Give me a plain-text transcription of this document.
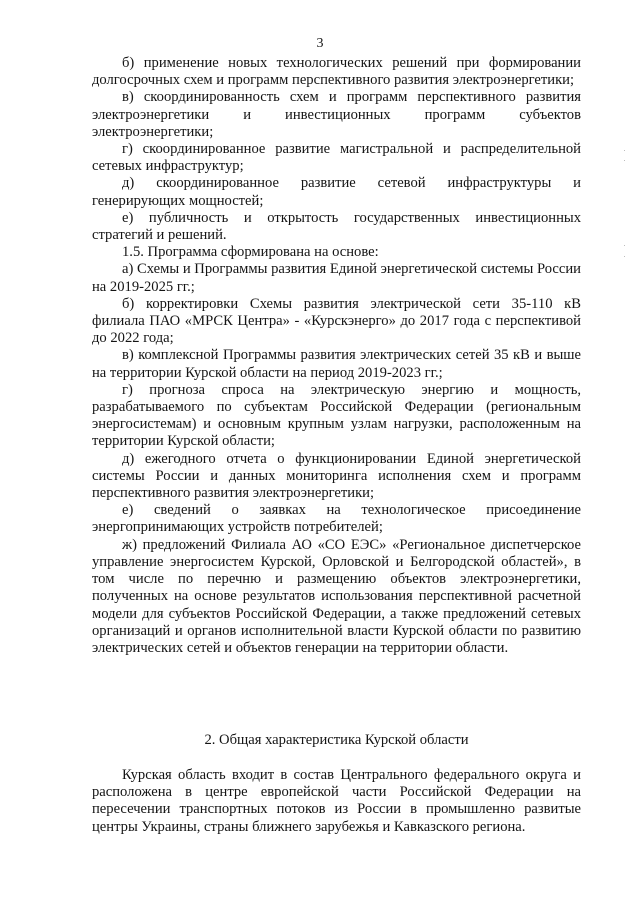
3

б) применение новых технологических решений при формировании долгосрочных схем и программ перспективного развития электроэнергетики;

в) скоординированность схем и программ перспективного развития электроэнергетики и инвестиционных программ субъектов электроэнергетики;

г) скоординированное развитие магистральной и распределительной сетевых инфраструктур;

д) скоординированное развитие сетевой инфраструктуры и генерирующих мощностей;

е) публичность и открытость государственных инвестиционных стратегий и решений.

1.5. Программа сформирована на основе:

а) Схемы и Программы развития Единой энергетической системы России на 2019-2025 гг.;

б) корректировки Схемы развития электрической сети 35-110 кВ филиала ПАО «МРСК Центра» - «Курскэнерго» до 2017 года с перспективой до 2022 года;

в) комплексной Программы развития электрических сетей 35 кВ и выше на территории Курской области на период 2019-2023 гг.;

г) прогноза спроса на электрическую энергию и мощность, разрабатываемого по субъектам Российской Федерации (региональным энергосистемам) и основным крупным узлам нагрузки, расположенным на территории Курской области;

д) ежегодного отчета о функционировании Единой энергетической системы России и данных мониторинга исполнения схем и программ перспективного развития электроэнергетики;

е) сведений о заявках на технологическое присоединение энергопринимающих устройств потребителей;

ж) предложений Филиала АО «СО ЕЭС» «Региональное диспетчерское управление энергосистем Курской, Орловской и Белгородской областей», в том числе по перечню и размещению объектов электроэнергетики, полученных на основе результатов использования перспективной расчетной модели для субъектов Российской Федерации, а также предложений сетевых организаций и органов исполнительной власти Курской области по развитию электрических сетей и объектов генерации на территории области.

2. Общая характеристика Курской области

Курская область входит в состав Центрального федерального округа и расположена в центре европейской части Российской Федерации на пересечении транспортных потоков из России в промышленно развитые центры Украины, страны ближнего зарубежья и Кавказского региона.
